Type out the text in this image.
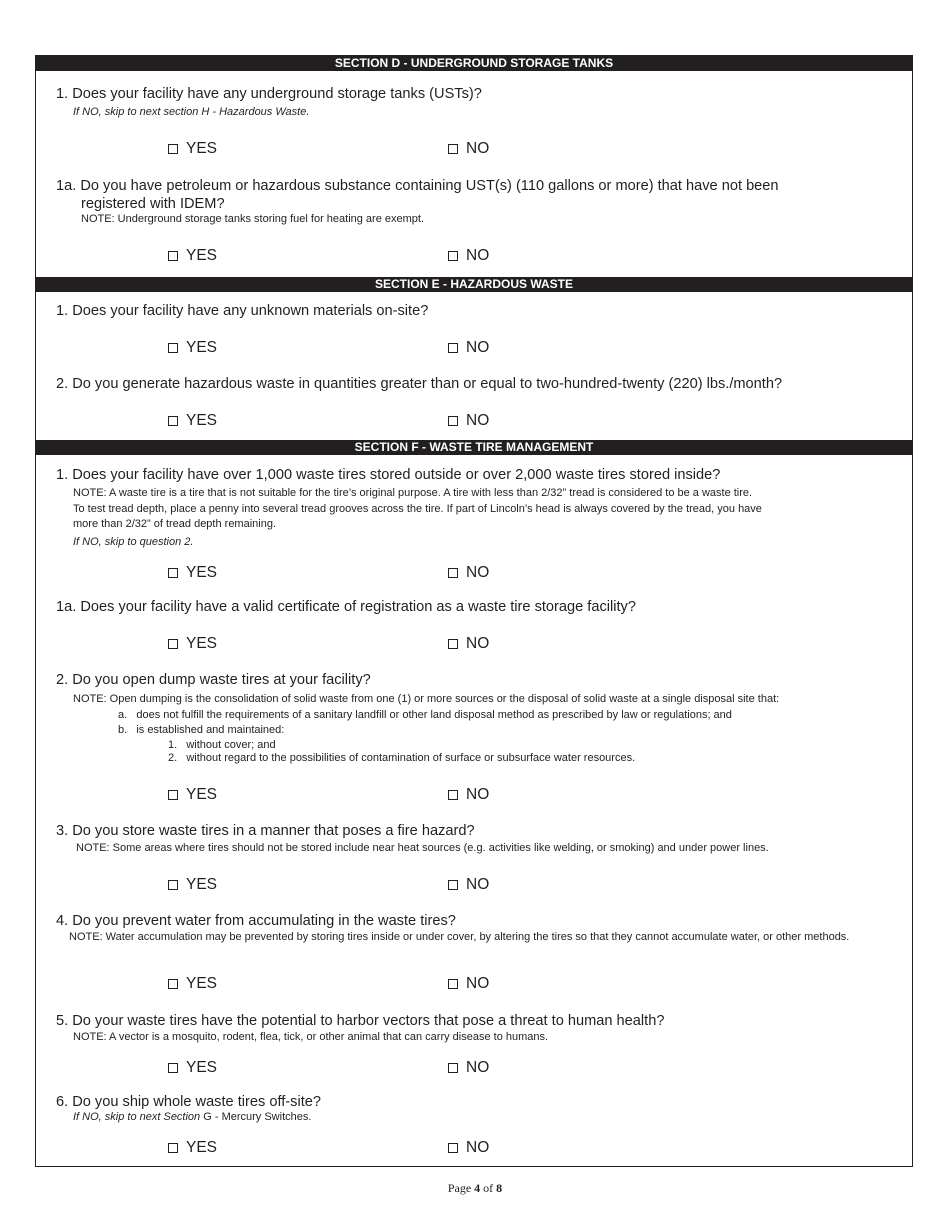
SECTION D - UNDERGROUND STORAGE TANKS
1. Does your facility have any underground storage tanks (USTs)?
If NO, skip to next section H - Hazardous Waste.
YES	NO
1a. Do you have petroleum or hazardous substance containing UST(s) (110 gallons or more) that have not been
registered with IDEM?
NOTE: Underground storage tanks storing fuel for heating are exempt.
YES	NO
SECTION E - HAZARDOUS WASTE
1. Does your facility have any unknown materials on-site?
YES	NO
2. Do you generate hazardous waste in quantities greater than or equal to two-hundred-twenty (220) lbs./month?
YES	NO
SECTION F - WASTE TIRE MANAGEMENT
1. Does your facility have over 1,000 waste tires stored outside or over 2,000 waste tires stored inside?
NOTE: A waste tire is a tire that is not suitable for the tire’s original purpose. A tire with less than 2/32” tread is considered to be a waste tire.
To test tread depth, place a penny into several tread grooves across the tire. If part of Lincoln’s head is always covered by the tread, you have
more than 2/32” of tread depth remaining.
If NO, skip to question 2.
YES	NO
1a. Does your facility have a valid certificate of registration as a waste tire storage facility?
YES	NO
2. Do you open dump waste tires at your facility?
NOTE: Open dumping is the consolidation of solid waste from one (1) or more sources or the disposal of solid waste at a single disposal site that:
a. does not fulfill the requirements of a sanitary landfill or other land disposal method as prescribed by law or regulations; and
b. is established and maintained:
1. without cover; and
2. without regard to the possibilities of contamination of surface or subsurface water resources.
YES	NO
3. Do you store waste tires in a manner that poses a fire hazard?
NOTE: Some areas where tires should not be stored include near heat sources (e.g. activities like welding, or smoking) and under power lines.
YES	NO
4. Do you prevent water from accumulating in the waste tires?
NOTE: Water accumulation may be prevented by storing tires inside or under cover, by altering the tires so that they cannot accumulate water, or other methods.
YES	NO
5. Do your waste tires have the potential to harbor vectors that pose a threat to human health?
NOTE: A vector is a mosquito, rodent, flea, tick, or other animal that can carry disease to humans.
YES	NO
6. Do you ship whole waste tires off-site?
If NO, skip to next Section G - Mercury Switches.
YES	NO
Page 4 of 8
